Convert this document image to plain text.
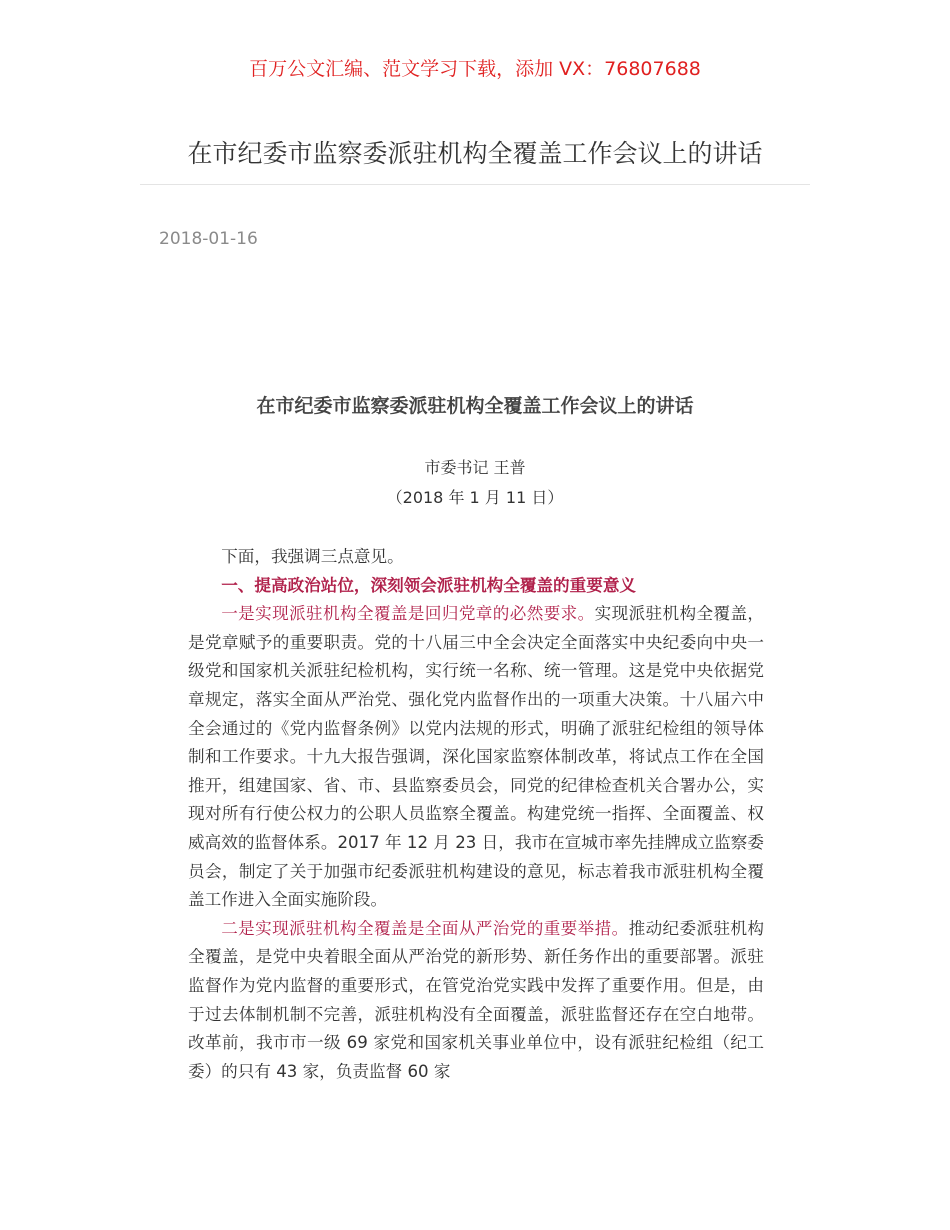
百万公文汇编、范文学习下载，添加 VX：76807688
在市纪委市监察委派驻机构全覆盖工作会议上的讲话
2018-01-16
在市纪委市监察委派驻机构全覆盖工作会议上的讲话
市委书记 王普
（2018 年 1 月 11 日）

下面，我强调三点意见。

一、提高政治站位，深刻领会派驻机构全覆盖的重要意义

一是实现派驻机构全覆盖是回归党章的必然要求。实现派驻机构全覆盖，是党章赋予的重要职责。党的十八届三中全会决定全面落实中央纪委向中央一级党和国家机关派驻纪检机构，实行统一名称、统一管理。这是党中央依据党章规定，落实全面从严治党、强化党内监督作出的一项重大决策。十八届六中全会通过的《党内监督条例》以党内法规的形式，明确了派驻纪检组的领导体制和工作要求。十九大报告强调，深化国家监察体制改革，将试点工作在全国推开，组建国家、省、市、县监察委员会，同党的纪律检查机关合署办公，实现对所有行使公权力的公职人员监察全覆盖。构建党统一指挥、全面覆盖、权威高效的监督体系。2017 年 12 月 23 日，我市在宣城市率先挂牌成立监察委员会，制定了关于加强市纪委派驻机构建设的意见，标志着我市派驻机构全覆盖工作进入全面实施阶段。

二是实现派驻机构全覆盖是全面从严治党的重要举措。推动纪委派驻机构全覆盖，是党中央着眼全面从严治党的新形势、新任务作出的重要部署。派驻监督作为党内监督的重要形式，在管党治党实践中发挥了重要作用。但是，由于过去体制机制不完善，派驻机构没有全面覆盖，派驻监督还存在空白地带。改革前，我市市一级 69 家党和国家机关事业单位中，设有派驻纪检组（纪工委）的只有 43 家，负责监督 60 家
